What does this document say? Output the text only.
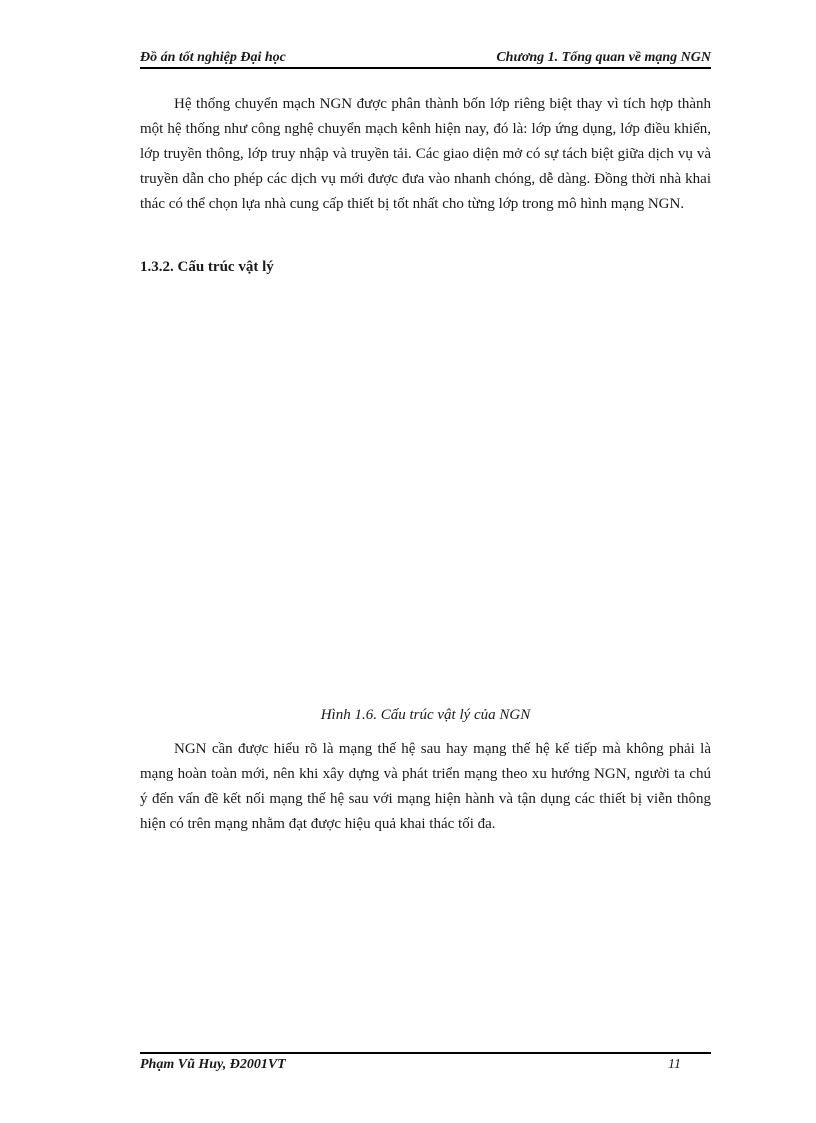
Đồ án tốt nghiệp Đại học	Chương 1. Tổng quan về mạng NGN

Hệ thống chuyển mạch NGN được phân thành bốn lớp riêng biệt thay vì tích hợp thành một hệ thống như công nghệ chuyển mạch kênh hiện nay, đó là: lớp ứng dụng, lớp điều khiển, lớp truyền thông, lớp truy nhập và truyền tải. Các giao diện mở có sự tách biệt giữa dịch vụ và truyền dẫn cho phép các dịch vụ mới được đưa vào nhanh chóng, dễ dàng. Đồng thời nhà khai thác có thể chọn lựa nhà cung cấp thiết bị tốt nhất cho từng lớp trong mô hình mạng NGN.

1.3.2. Cấu trúc vật lý

Hình 1.6. Cấu trúc vật lý của NGN

NGN cần được hiểu rõ là mạng thế hệ sau hay mạng thế hệ kế tiếp mà không phải là mạng hoàn toàn mới, nên khi xây dựng và phát triển mạng theo xu hướng NGN, người ta chú ý đến vấn đề kết nối mạng thế hệ sau với mạng hiện hành và tận dụng các thiết bị viễn thông hiện có trên mạng nhằm đạt được hiệu quả khai thác tối đa.

Phạm Vũ Huy, Đ2001VT	11
